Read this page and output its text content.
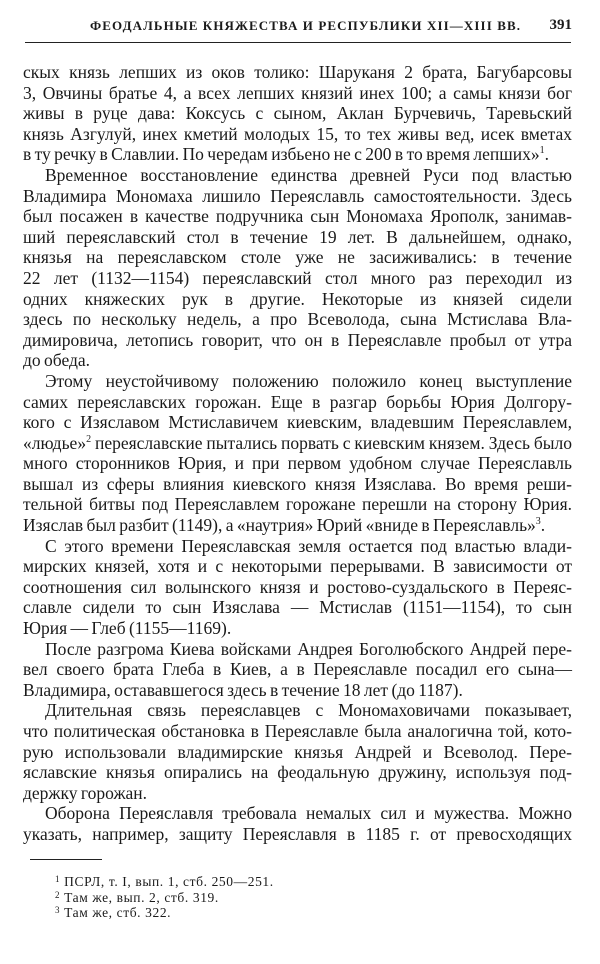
ФЕОДАЛЬНЫЕ КНЯЖЕСТВА И РЕСПУБЛИКИ XII—XIII ВВ. 391
скых князь лепших из оков толико: Шаруканя 2 брата, Багубарсовы
3, Овчины братье 4, а всех лепших князий инех 100; а самы князи бог
живы в руце дава: Коксусь с сыном, Аклан Бурчевичь, Таревьский
князь Азгулуй, инех кметий молодых 15, то тех живы вед, исек вметах
в ту речку в Славлии. По чередам избьено не с 200 в то время лепших»$^1$.
Временное восстановление единства древней Руси под властью
Владимира Мономаха лишило Переяславль самостоятельности. Здесь
был посажен в качестве подручника сын Мономаха Ярополк, занимав-
ший переяславский стол в течение 19 лет. В дальнейшем, однако,
князья на переяславском столе уже не засиживались: в течение
22 лет (1132—1154) переяславский стол много раз переходил из
одних княжеских рук в другие. Некоторые из князей сидели
здесь по нескольку недель, а про Всеволода, сына Мстислава Вла-
димировича, летопись говорит, что он в Переяславле пробыл от утра
до обеда.
Этому неустойчивому положению положило конец выступление
самих переяславских горожан. Еще в разгар борьбы Юрия Долгору-
кого с Изяславом Мстиславичем киевским, владевшим Переяславлем,
«людье»$^2$ переяславские пытались порвать с киевским князем. Здесь было
много сторонников Юрия, и при первом удобном случае Переяславль
вышал из сферы влияния киевского князя Изяслава. Во время реши-
тельной битвы под Переяславлем горожане перешли на сторону Юрия.
Изяслав был разбит (1149), а «наутрия» Юрий «вниде в Переяславль»$^3$.
С этого времени Переяславская земля остается под властью влади-
мирских князей, хотя и с некоторыми перерывами. В зависимости от
соотношения сил волынского князя и ростово-суздальского в Переяс-
славле сидели то сын Изяслава — Мстислав (1151—1154), то сын
Юрия — Глеб (1155—1169).
После разгрома Киева войсками Андрея Боголюбского Андрей пере-
вел своего брата Глеба в Киев, а в Переяславле посадил его сына—
Владимира, остававшегося здесь в течение 18 лет (до 1187).
Длительная связь переяславцев с Мономаховичами показывает,
что политическая обстановка в Переяславле была аналогична той, кото-
рую использовали владимирские князья Андрей и Всеволод. Пере-
яславские князья опирались на феодальную дружину, используя под-
держку горожан.
Оборона Переяславля требовала немалых сил и мужества. Можно
указать, например, защиту Переяславля в 1185 г. от превосходящих
$^1$ ПСРЛ, т. I, вып. 1, стб. 250—251.
$^2$ Там же, вып. 2, стб. 319.
$^3$ Там же, стб. 322.
